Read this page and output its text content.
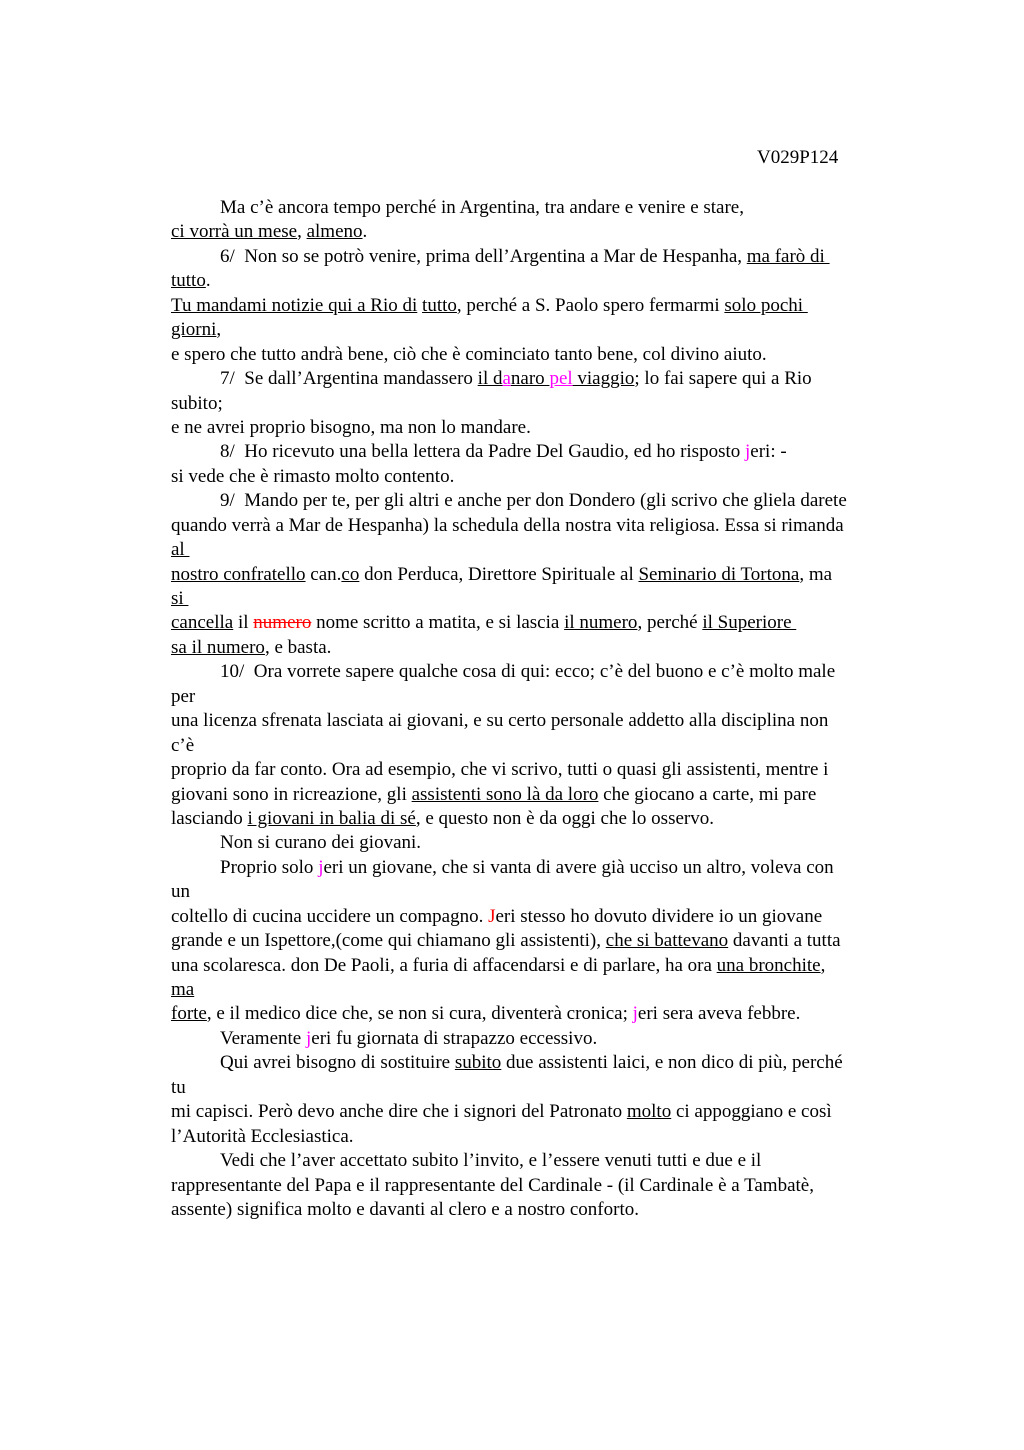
V029P124
Ma c’è ancora tempo perché in Argentina, tra andare e venire e stare,
ci vorrà un mese, almeno.
6/  Non so se potrò venire, prima dell’Argentina a Mar de Hespanha, ma farò di
tutto.
Tu mandami notizie qui a Rio di tutto, perché a S. Paolo spero fermarmi solo pochi
giorni,
e spero che tutto andrà bene, ciò che è cominciato tanto bene, col divino aiuto.
7/  Se dall’Argentina mandassero il danaro pel viaggio; lo fai sapere qui a Rio
subito;
e ne avrei proprio bisogno, ma non lo mandare.
8/  Ho ricevuto una bella lettera da Padre Del Gaudio, ed ho risposto jeri: -
si vede che è rimasto molto contento.
9/  Mando per te, per gli altri e anche per don Dondero (gli scrivo che gliela darete
quando verrà a Mar de Hespanha) la schedula della nostra vita religiosa. Essa si rimanda
al
nostro confratello can.co don Perduca, Direttore Spirituale al Seminario di Tortona, ma
si
cancella il numero nome scritto a matita, e si lascia il numero, perché il Superiore
sa il numero, e basta.
10/  Ora vorrete sapere qualche cosa di qui: ecco; c’è del buono e c’è molto male
per
una licenza sfrenata lasciata ai giovani, e su certo personale addetto alla disciplina non
c’è
proprio da far conto. Ora ad esempio, che vi scrivo, tutti o quasi gli assistenti, mentre i
giovani sono in ricreazione, gli assistenti sono là da loro che giocano a carte, mi pare
lasciando i giovani in balia di sé, e questo non è da oggi che lo osservo.
Non si curano dei giovani.
Proprio solo jeri un giovane, che si vanta di avere già ucciso un altro, voleva con
un
coltello di cucina uccidere un compagno. Jeri stesso ho dovuto dividere io un giovane
grande e un Ispettore,(come qui chiamano gli assistenti), che si battevano davanti a tutta
una scolaresca. don De Paoli, a furia di affacendarsi e di parlare, ha ora una bronchite,
ma
forte, e il medico dice che, se non si cura, diventerà cronica; jeri sera aveva febbre.
Veramente jeri fu giornata di strapazzo eccessivo.
Qui avrei bisogno di sostituire subito due assistenti laici, e non dico di più, perché
tu
mi capisci. Però devo anche dire che i signori del Patronato molto ci appoggiano e così
l’Autorità Ecclesiastica.
Vedi che l’aver accettato subito l’invito, e l’essere venuti tutti e due e il
rappresentante del Papa e il rappresentante del Cardinale - (il Cardinale è a Tambatè,
assente) significa molto e davanti al clero e a nostro conforto.
